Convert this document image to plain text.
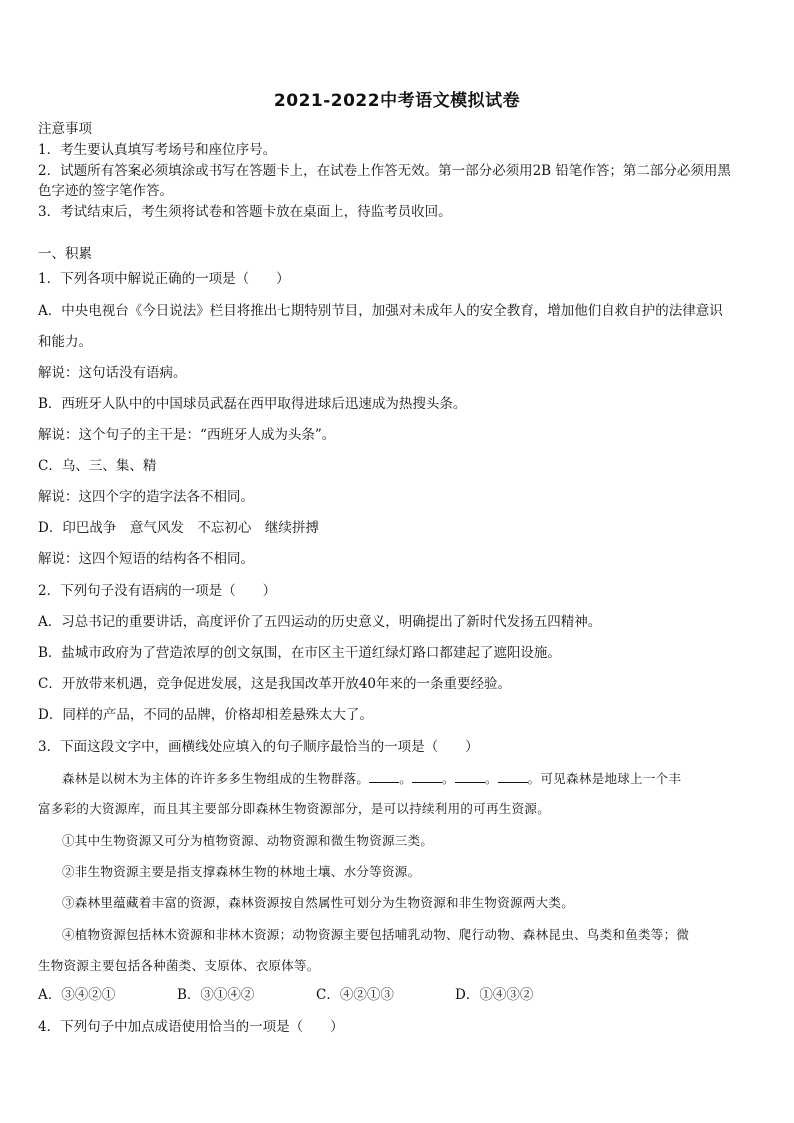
2021-2022中考语文模拟试卷
注意事项
1．考生要认真填写考场号和座位序号。
2．试题所有答案必须填涂或书写在答题卡上，在试卷上作答无效。第一部分必须用2B 铅笔作答；第二部分必须用黑
色字迹的签字笔作答。
3．考试结束后，考生须将试卷和答题卡放在桌面上，待监考员收回。
一、积累
1．下列各项中解说正确的一项是（　　）
A．中央电视台《今日说法》栏目将推出七期特别节目，加强对未成年人的安全教育，增加他们自救自护的法律意识
和能力。
解说：这句话没有语病。
B．西班牙人队中的中国球员武磊在西甲取得进球后迅速成为热搜头条。
解说：这个句子的主干是：“西班牙人成为头条”。
C．乌、三、集、精
解说：这四个字的造字法各不相同。
D．印巴战争　意气风发　不忘初心　继续拼搏
解说：这四个短语的结构各不相同。
2．下列句子没有语病的一项是（　　）
A．习总书记的重要讲话，高度评价了五四运动的历史意义，明确提出了新时代发扬五四精神。
B．盐城市政府为了营造浓厚的创文氛围，在市区主干道红绿灯路口都建起了遮阳设施。
C．开放带来机遇，竞争促进发展，这是我国改革开放40年来的一条重要经验。
D．同样的产品，不同的品牌，价格却相差悬殊太大了。
3．下面这段文字中，画横线处应填入的句子顺序最恰当的一项是（　　）
森林是以树木为主体的许许多多生物组成的生物群落。 。 。 。 。可见森林是地球上一个丰
富多彩的大资源库，而且其主要部分即森林生物资源部分，是可以持续利用的可再生资源。
①其中生物资源又可分为植物资源、动物资源和微生物资源三类。
②非生物资源主要是指支撑森林生物的林地土壤、水分等资源。
③森林里蕴藏着丰富的资源，森林资源按自然属性可划分为生物资源和非生物资源两大类。
④植物资源包括林木资源和非林木资源；动物资源主要包括哺乳动物、爬行动物、森林昆虫、鸟类和鱼类等；微
生物资源主要包括各种菌类、支原体、衣原体等。
A．③④②①	B．③①④②	C．④②①③	D．①④③②
4．下列句子中加点成语使用恰当的一项是（　　）
